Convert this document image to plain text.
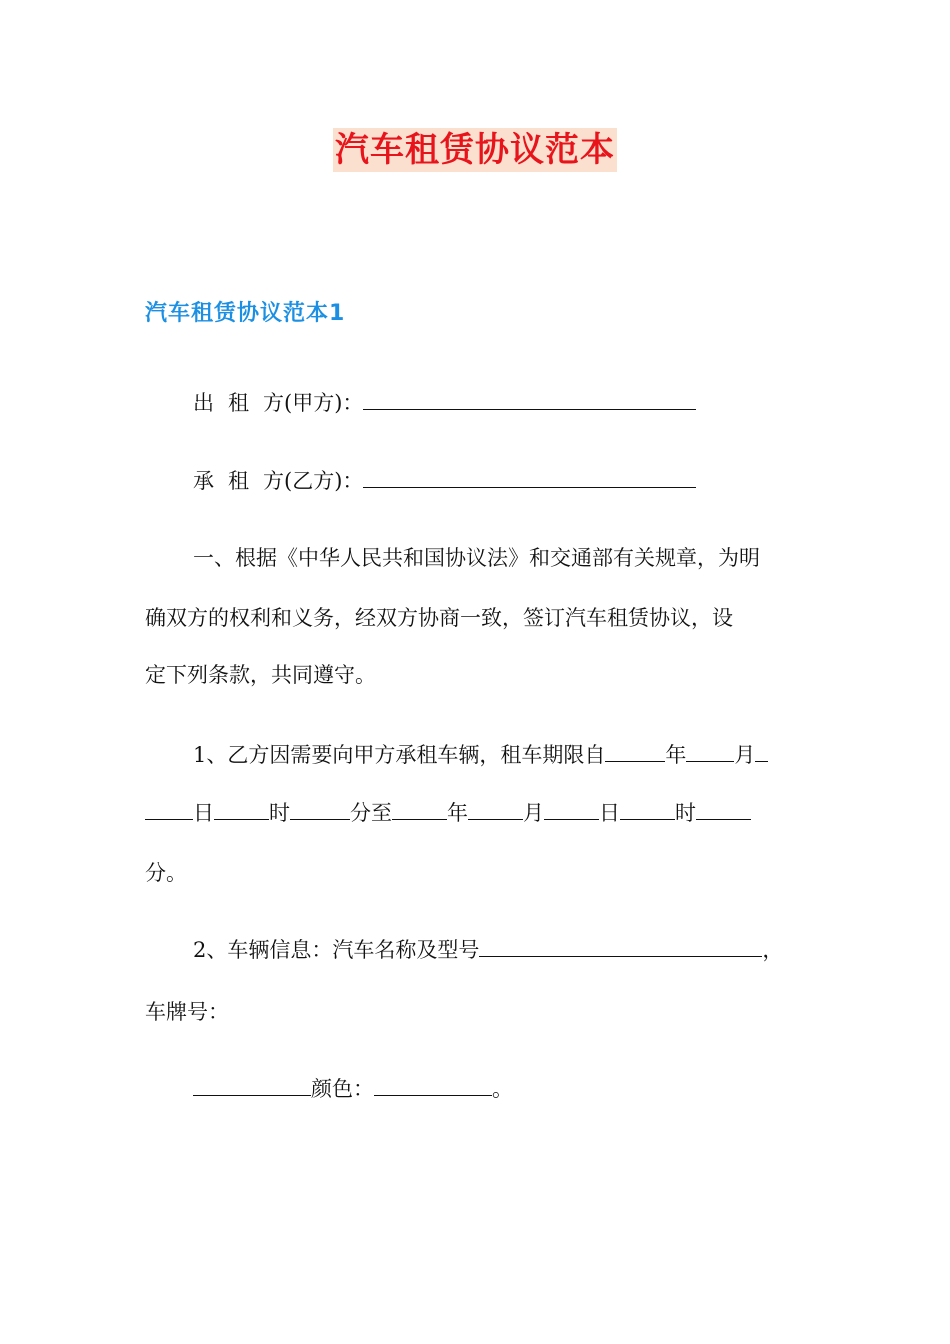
汽车租赁协议范本
汽车租赁协议范本1
出 租 方(甲方)：
承 租 方(乙方)：
一、根据《中华人民共和国协议法》和交通部有关规章，为明
确双方的权利和义务，经双方协商一致，签订汽车租赁协议，设
定下列条款，共同遵守。
1、乙方因需要向甲方承租车辆，租车期限自	年 月
日	时	分至	年	月	日	时
分。
2、车辆信息：汽车名称及型号	，
车牌号：
颜色：	。
